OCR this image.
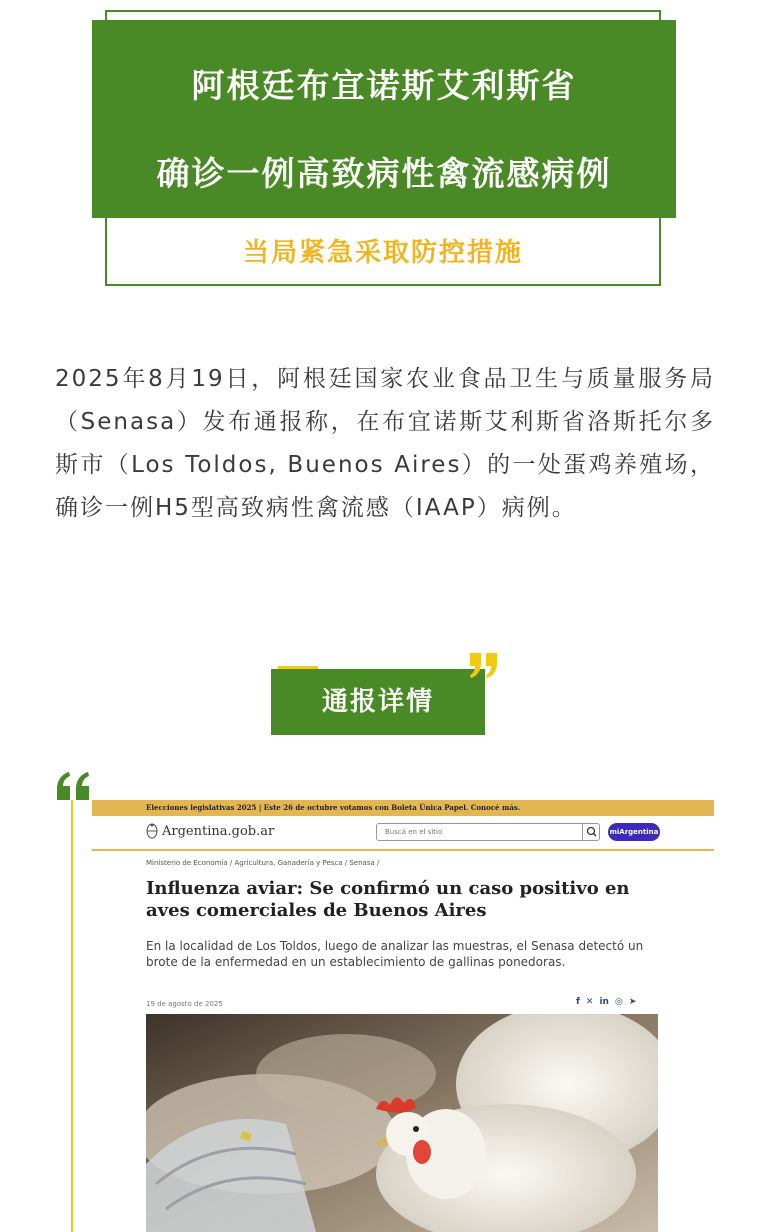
阿根廷布宜诺斯艾利斯省
确诊一例高致病性禽流感病例
当局紧急采取防控措施
2025年8月19日，阿根廷国家农业食品卫生与质量服务局（Senasa）发布通报称，在布宜诺斯艾利斯省洛斯托尔多斯市（Los Toldos, Buenos Aires）的一处蛋鸡养殖场，确诊一例H5型高致病性禽流感（IAAP）病例。
通报详情
Elecciones legislativas 2025 | Este 26 de octubre votamos con Boleta Única Papel. Conocé más.
Argentina.gob.ar	Buscá en el sitio	miArgentina
Ministerio de Economía / Agricultura, Ganadería y Pesca / Senasa /
Influenza aviar: Se confirmó un caso positivo en aves comerciales de Buenos Aires
En la localidad de Los Toldos, luego de analizar las muestras, el Senasa detectó un brote de la enfermedad en un establecimiento de gallinas ponedoras.
19 de agosto de 2025	f ✕ in ◎ ➤
